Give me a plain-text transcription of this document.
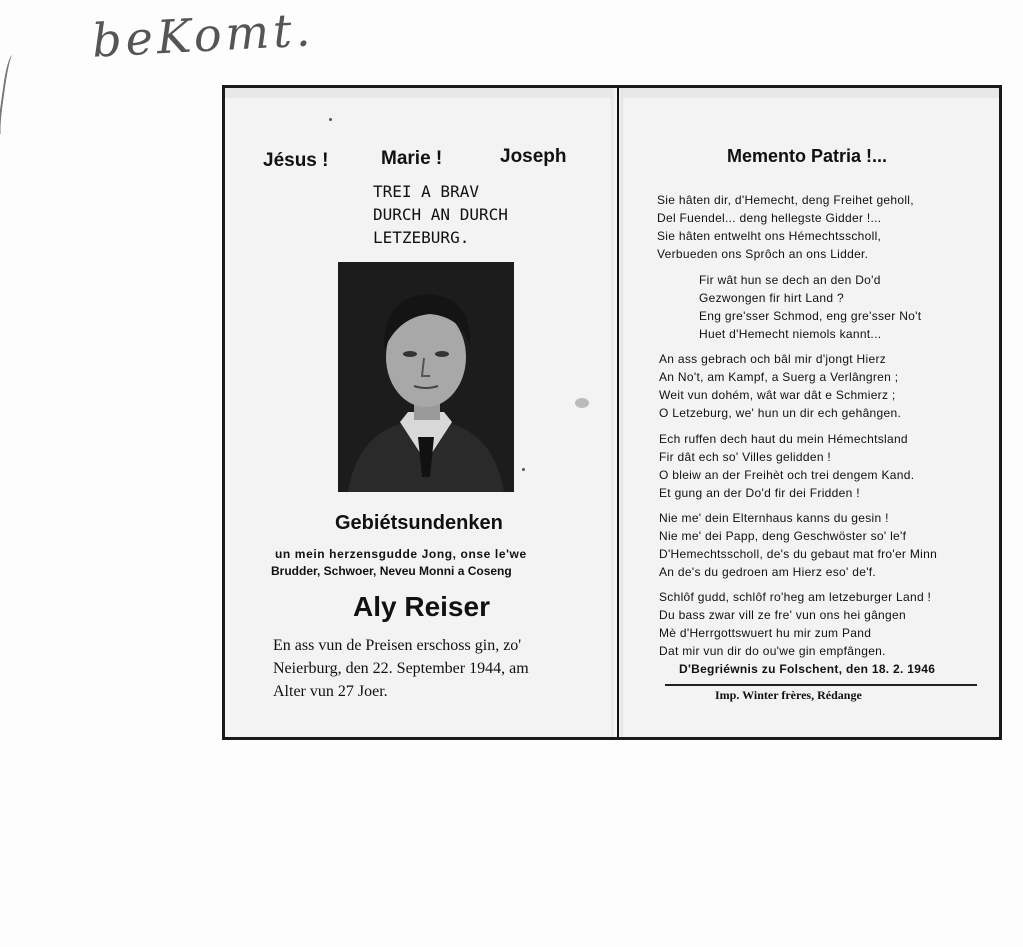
beKomt.
Jésus !	Marie !	Joseph
TREI A BRAV
DURCH AN DURCH
LETZEBURG.
Gebiétsundenken
un mein herzensgudde Jong, onse le'we
Brudder, Schwoer, Neveu Monni a Coseng
Aly Reiser
En ass vun de Preisen erschoss gin, zo'
Neierburg, den 22. September 1944, am
Alter vun 27 Joer.
Memento Patria !...
Sie hâten dir, d'Hemecht, deng Freihet geholl,
Del Fuendel... deng hellegste Gidder !...
Sie hâten entwelht ons Hémechtsscholl,
Verbueden ons Sprôch an ons Lidder.
Fir wât hun se dech an den Do'd
Gezwongen fir hirt Land ?
Eng gre'sser Schmod, eng gre'sser No't
Huet d'Hemecht niemols kannt...
An ass gebrach och bâl mir d'jongt Hierz
An No't, am Kampf, a Suerg a Verlângren ;
Weit vun dohém, wât war dât e Schmierz ;
O Letzeburg, we' hun un dir ech gehângen.
Ech ruffen dech haut du mein Hémechtsland
Fir dât ech so' Villes gelidden !
O bleiw an der Freihèt och trei dengem Kand.
Et gung an der Do'd fir dei Fridden !
Nie me' dein Elternhaus kanns du gesin !
Nie me' dei Papp, deng Geschwöster so' le'f
D'Hemechtsscholl, de's du gebaut mat fro'er Minn
An de's du gedroen am Hierz eso' de'f.
Schlôf gudd, schlôf ro'heg am letzeburger Land !
Du bass zwar vill ze fre' vun ons hei gângen
Mè d'Herrgottswuert hu mir zum Pand
Dat mir vun dir do ou'we gin empfângen.
D'Begriéwnis zu Folschent, den 18. 2. 1946
Imp. Winter frères, Rédange
